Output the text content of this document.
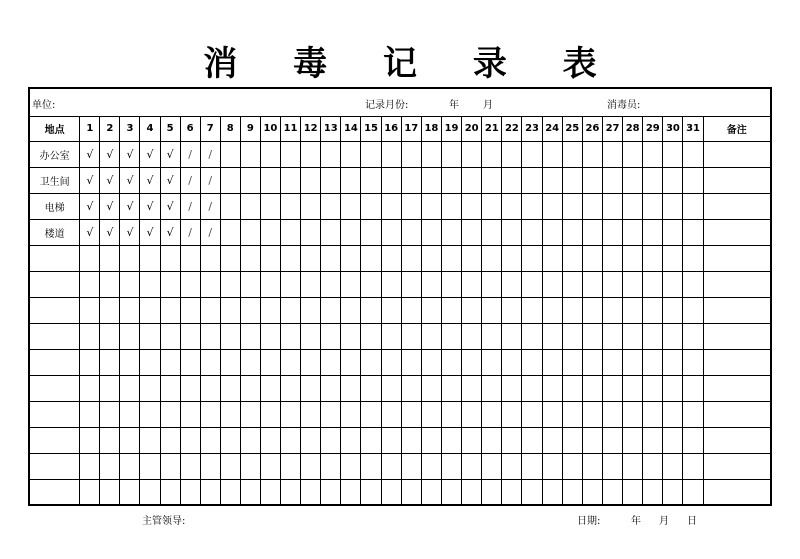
消 毒 记 录 表
单位:	记录月份:	年 月	消毒员:
地点	1	2	3	4	5	6	7	8	9	10	11	12	13	14	15	16	17	18	19	20	21	22	23	24	25	26	27	28	29	30	31	备注
办公室	√	√	√	√	√	/	/																									
卫生间	√	√	√	√	√	/	/																									
电梯	√	√	√	√	√	/	/																									
楼道	√	√	√	√	√	/	/																									

主管领导:	日期:	年 月 日
